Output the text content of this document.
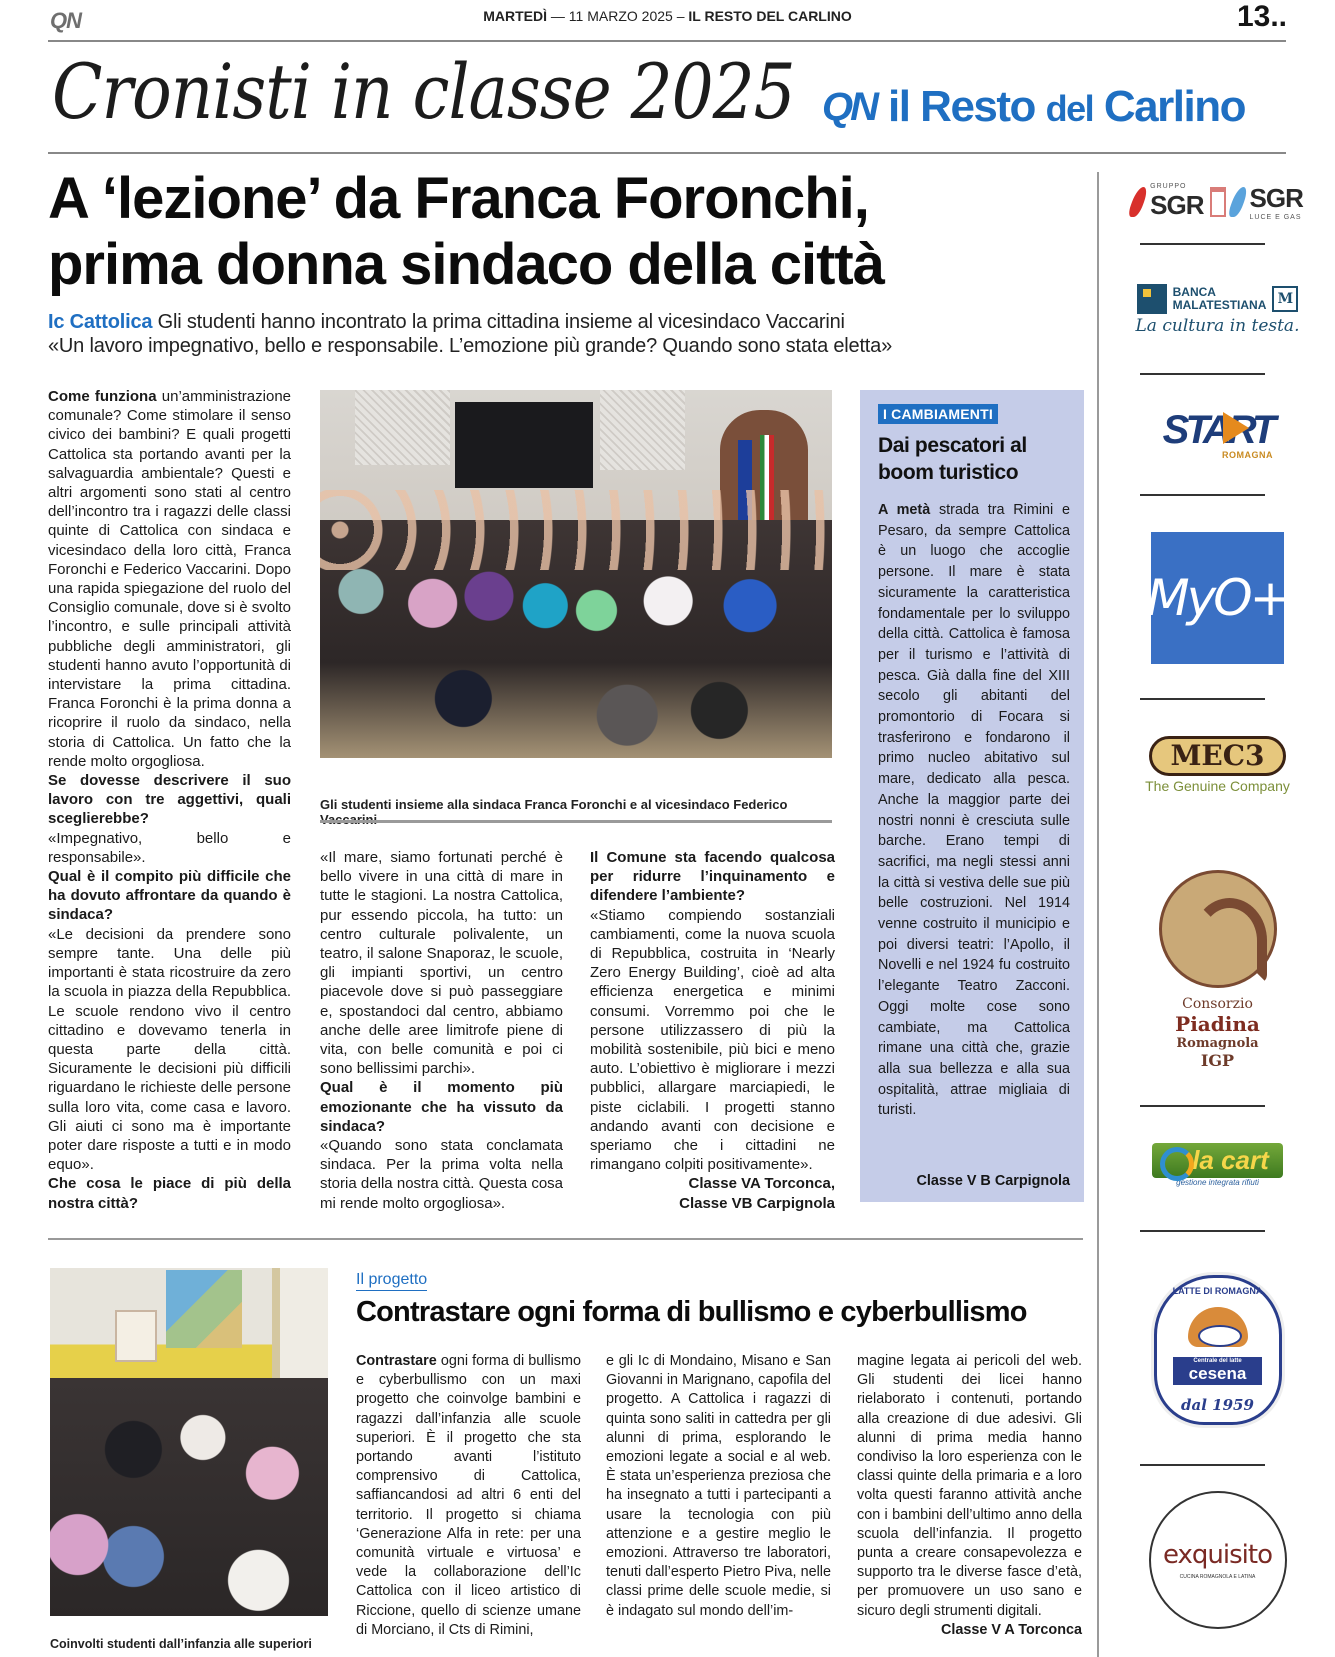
QN	MARTEDÌ — 11 MARZO 2025 – IL RESTO DEL CARLINO	13..
Cronisti in classe 2025 QN il Resto del Carlino
A ‘lezione’ da Franca Foronchi, prima donna sindaco della città
Ic Cattolica Gli studenti hanno incontrato la prima cittadina insieme al vicesindaco Vaccarini
«Un lavoro impegnativo, bello e responsabile. L’emozione più grande? Quando sono stata eletta»

Come funziona un’amministrazione comunale? Come stimolare il senso civico dei bambini? E quali progetti Cattolica sta portando avanti per la salvaguardia ambientale? Questi e altri argomenti sono stati al centro dell’incontro tra i ragazzi delle classi quinte di Cattolica con sindaca e vicesindaco della loro città, Franca Foronchi e Federico Vaccarini. Dopo una rapida spiegazione del ruolo del Consiglio comunale, dove si è svolto l’incontro, e sulle principali attività pubbliche degli amministratori, gli studenti hanno avuto l’opportunità di intervistare la prima cittadina. Franca Foronchi è la prima donna a ricoprire il ruolo da sindaco, nella storia di Cattolica. Un fatto che la rende molto orgogliosa.

Se dovesse descrivere il suo lavoro con tre aggettivi, quali sceglierebbe?

«Impegnativo, bello e responsabile».

Qual è il compito più difficile che ha dovuto affrontare da quando è sindaca?

«Le decisioni da prendere sono sempre tante. Una delle più importanti è stata ricostruire da zero la scuola in piazza della Repubblica. Le scuole rendono vivo il centro cittadino e dovevamo tenerla in questa parte della città. Sicuramente le decisioni più difficili riguardano le richieste delle persone sulla loro vita, come casa e lavoro. Gli aiuti ci sono ma è importante poter dare risposte a tutti e in modo equo».

Che cosa le piace di più della nostra città?

Gli studenti insieme alla sindaca Franca Foronchi e al vicesindaco Federico

«Il mare, siamo fortunati perché è bello vivere in una città di mare in tutte le stagioni. La nostra Cattolica, pur essendo piccola, ha tutto: un centro culturale polivalente, un teatro, il salone Snaporaz, le scuole, gli impianti sportivi, un centro piacevole dove si può passeggiare e, spostandoci dal centro, abbiamo anche delle aree limitrofe piene di vita, con belle comunità e poi ci sono bellissimi parchi».

Qual è il momento più emozionante che ha vissuto da sindaca?

«Quando sono stata conclamata sindaca. Per la prima volta nella storia della nostra città. Questa cosa mi rende molto orgogliosa».

Il Comune sta facendo qualcosa per ridurre l’inquinamento e difendere l’ambiente?

«Stiamo compiendo sostanziali cambiamenti, come la nuova scuola di Repubblica, costruita in ‘Nearly Zero Energy Building’, cioè ad alta efficienza energetica e minimi consumi. Vorremmo poi che le persone utilizzassero di più la mobilità sostenibile, più bici e meno auto. L’obiettivo è migliorare i mezzi pubblici, allargare marciapiedi, le piste ciclabili. I progetti stanno andando avanti con decisione e speriamo che i cittadini ne rimangano colpiti positivamente».

Classe VA Torconca,

Classe VB Carpignola

I CAMBIAMENTI
Dai pescatori al boom turistico
A metà strada tra Rimini e Pesaro, da sempre Cattolica è un luogo che accoglie persone. Il mare è stata sicuramente la caratteristica fondamentale per lo sviluppo della città. Cattolica è famosa per il turismo e l’attività di pesca. Già dalla fine del XIII secolo gli abitanti del promontorio di Focara si trasferirono e fondarono il primo nucleo abitativo sul mare, dedicato alla pesca. Anche la maggior parte dei nostri nonni è cresciuta sulle barche. Erano tempi di sacrifici, ma negli stessi anni la città si vestiva delle sue più belle costruzioni. Nel 1914 venne costruito il municipio e poi diversi teatri: l’Apollo, il Novelli e nel 1924 fu costruito l’elegante Teatro Zacconi. Oggi molte cose sono cambiate, ma Cattolica rimane una città che, grazie alla sua bellezza e alla sua ospitalità, attrae migliaia di turisti.
Classe V B Carpignola
Coinvolti studenti dall’infanzia alle superiori
Il progetto
Contrastare ogni forma di bullismo e cyberbullismo
Contrastare ogni forma di bullismo e cyberbullismo con un maxi progetto che coinvolge bambini e ragazzi dall’infanzia alle scuole superiori. È il progetto che sta portando avanti l’istituto comprensivo di Cattolica, saffiancandosi ad altri 6 enti del territorio. Il progetto si chiama ‘Generazione Alfa in rete: per una comunità virtuale e virtuosa’ e vede la collaborazione dell’Ic Cattolica con il liceo artistico di Riccione, quello di scienze umane di Morciano, il Cts di Rimini,
e gli Ic di Mondaino, Misano e San Giovanni in Marignano, capofila del progetto. A Cattolica i ragazzi di quinta sono saliti in cattedra per gli alunni di prima, esplorando le emozioni legate a social e al web. È stata un’esperienza preziosa che ha insegnato a tutti i partecipanti a usare la tecnologia con più attenzione e a gestire meglio le emozioni. Attraverso tre laboratori, tenuti dall’esperto Pietro Piva, nelle classi prime delle scuole medie, si è indagato sul mondo dell’im-

magine legata ai pericoli del web. Gli studenti dei licei hanno rielaborato i contenuti, portando alla creazione di due adesivi. Gli alunni di prima media hanno condiviso la loro esperienza con le classi quinte della primaria e a loro volta questi faranno attività anche con i bambini dell’ultimo anno della scuola dell’infanzia. Il progetto punta a creare consapevolezza e supporto tra le diverse fasce d’età, per promuovere un uso sano e sicuro degli strumenti digitali.

Classe V A Torconca

GRUPPO
SGR SGR
LUCE E GAS
BANCA
MALATESTIANA M
La cultura in testa.
START
ROMAGNA
MyO+
MEC3
The Genuine Company
Consorzio
Piadina
Romagnola
IGP
la cart
gestione integrata rifiuti
LATTE DI ROMAGNA
Centrale del latte
cesena
dal 1959
exquisito
CUCINA ROMAGNOLA E LATINA
